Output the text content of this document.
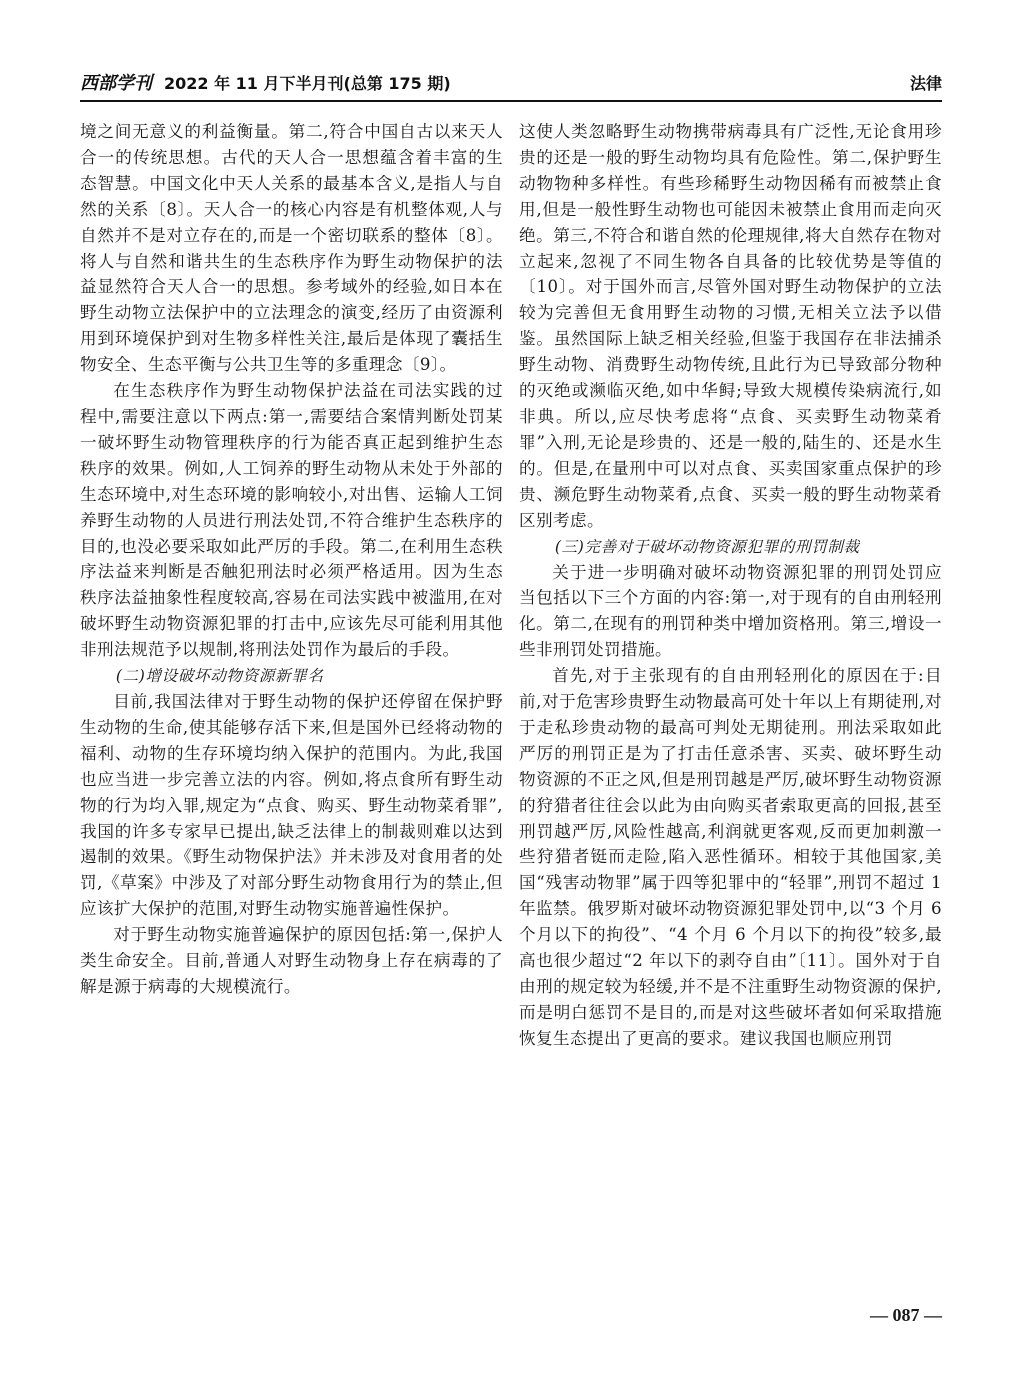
西部学刊 2022 年 11 月下半月刊(总第 175 期)	法律

境之间无意义的利益衡量。第二,符合中国自古以来天人合一的传统思想。古代的天人合一思想蕴含着丰富的生态智慧。中国文化中天人关系的最基本含义,是指人与自然的关系〔8〕。天人合一的核心内容是有机整体观,人与自然并不是对立存在的,而是一个密切联系的整体〔8〕。将人与自然和谐共生的生态秩序作为野生动物保护的法益显然符合天人合一的思想。参考域外的经验,如日本在野生动物立法保护中的立法理念的演变,经历了由资源利用到环境保护到对生物多样性关注,最后是体现了囊括生物安全、生态平衡与公共卫生等的多重理念〔9〕。

在生态秩序作为野生动物保护法益在司法实践的过程中,需要注意以下两点:第一,需要结合案情判断处罚某一破坏野生动物管理秩序的行为能否真正起到维护生态秩序的效果。例如,人工饲养的野生动物从未处于外部的生态环境中,对生态环境的影响较小,对出售、运输人工饲养野生动物的人员进行刑法处罚,不符合维护生态秩序的目的,也没必要采取如此严厉的手段。第二,在利用生态秩序法益来判断是否触犯刑法时必须严格适用。因为生态秩序法益抽象性程度较高,容易在司法实践中被滥用,在对破坏野生动物资源犯罪的打击中,应该先尽可能利用其他非刑法规范予以规制,将刑法处罚作为最后的手段。

(二)增设破坏动物资源新罪名

目前,我国法律对于野生动物的保护还停留在保护野生动物的生命,使其能够存活下来,但是国外已经将动物的福利、动物的生存环境均纳入保护的范围内。为此,我国也应当进一步完善立法的内容。例如,将点食所有野生动物的行为均入罪,规定为“点食、购买、野生动物菜肴罪”,我国的许多专家早已提出,缺乏法律上的制裁则难以达到遏制的效果。《野生动物保护法》并未涉及对食用者的处罚,《草案》中涉及了对部分野生动物食用行为的禁止,但应该扩大保护的范围,对野生动物实施普遍性保护。

对于野生动物实施普遍保护的原因包括:第一,保护人类生命安全。目前,普通人对野生动物身上存在病毒的了解是源于病毒的大规模流行。

这使人类忽略野生动物携带病毒具有广泛性,无论食用珍贵的还是一般的野生动物均具有危险性。第二,保护野生动物物种多样性。有些珍稀野生动物因稀有而被禁止食用,但是一般性野生动物也可能因未被禁止食用而走向灭绝。第三,不符合和谐自然的伦理规律,将大自然存在物对立起来,忽视了不同生物各自具备的比较优势是等值的〔10〕。对于国外而言,尽管外国对野生动物保护的立法较为完善但无食用野生动物的习惯,无相关立法予以借鉴。虽然国际上缺乏相关经验,但鉴于我国存在非法捕杀野生动物、消费野生动物传统,且此行为已导致部分物种的灭绝或濒临灭绝,如中华鲟;导致大规模传染病流行,如非典。所以,应尽快考虑将“点食、买卖野生动物菜肴罪”入刑,无论是珍贵的、还是一般的,陆生的、还是水生的。但是,在量刑中可以对点食、买卖国家重点保护的珍贵、濒危野生动物菜肴,点食、买卖一般的野生动物菜肴区别考虑。

(三)完善对于破坏动物资源犯罪的刑罚制裁

关于进一步明确对破坏动物资源犯罪的刑罚处罚应当包括以下三个方面的内容:第一,对于现有的自由刑轻刑化。第二,在现有的刑罚种类中增加资格刑。第三,增设一些非刑罚处罚措施。

首先,对于主张现有的自由刑轻刑化的原因在于:目前,对于危害珍贵野生动物最高可处十年以上有期徒刑,对于走私珍贵动物的最高可判处无期徒刑。刑法采取如此严厉的刑罚正是为了打击任意杀害、买卖、破坏野生动物资源的不正之风,但是刑罚越是严厉,破坏野生动物资源的狩猎者往往会以此为由向购买者索取更高的回报,甚至刑罚越严厉,风险性越高,利润就更客观,反而更加刺激一些狩猎者铤而走险,陷入恶性循环。相较于其他国家,美国“残害动物罪”属于四等犯罪中的“轻罪”,刑罚不超过 1 年监禁。俄罗斯对破坏动物资源犯罪处罚中,以“3 个月 6 个月以下的拘役”、“4 个月 6 个月以下的拘役”较多,最高也很少超过“2 年以下的剥夺自由”〔11〕。国外对于自由刑的规定较为轻缓,并不是不注重野生动物资源的保护,而是明白惩罚不是目的,而是对这些破坏者如何采取措施恢复生态提出了更高的要求。建议我国也顺应刑罚

— 087 —
